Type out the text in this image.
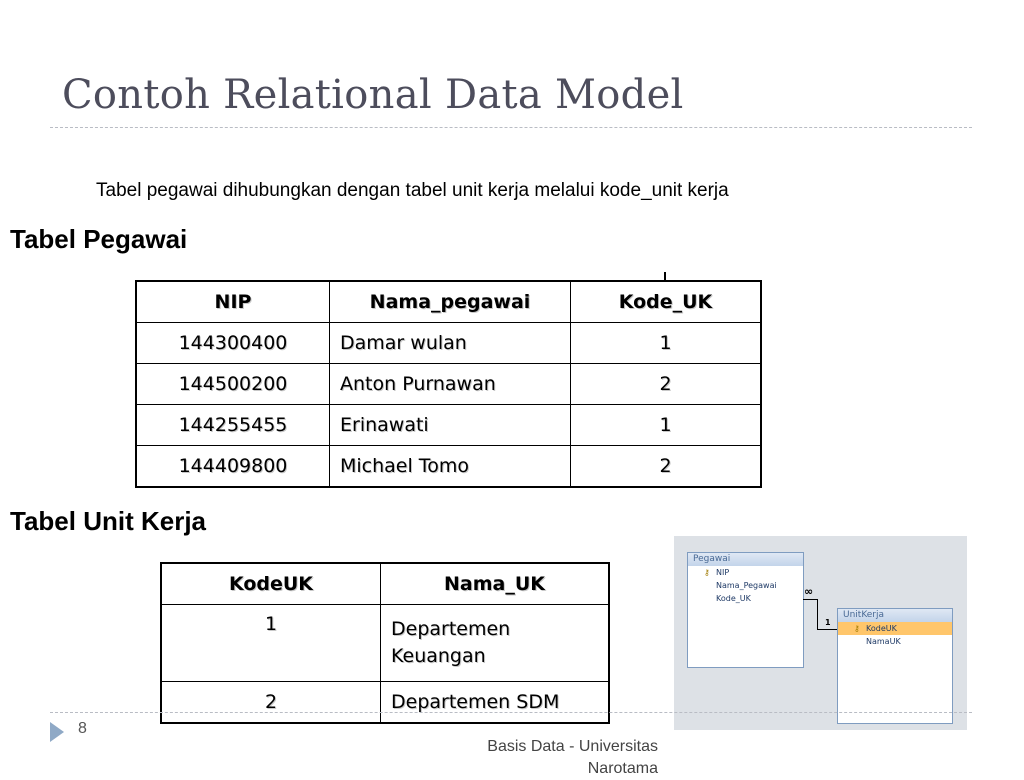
Contoh Relational Data Model
Tabel pegawai dihubungkan dengan tabel unit kerja melalui kode_unit kerja
Tabel Pegawai
NIP	Nama_pegawai	Kode_UK
144300400	Damar wulan	1
144500200	Anton Purnawan	2
144255455	Erinawati	1
144409800	Michael Tomo	2
Tabel Unit Kerja
KodeUK	Nama_UK
1	Departemen Keuangan
2	Departemen SDM
Pegawai
⚷ NIP
Nama_Pegawai
Kode_UK
∞
1
UnitKerja
⚷ KodeUK
NamaUK
8
Basis Data - Universitas Narotama
